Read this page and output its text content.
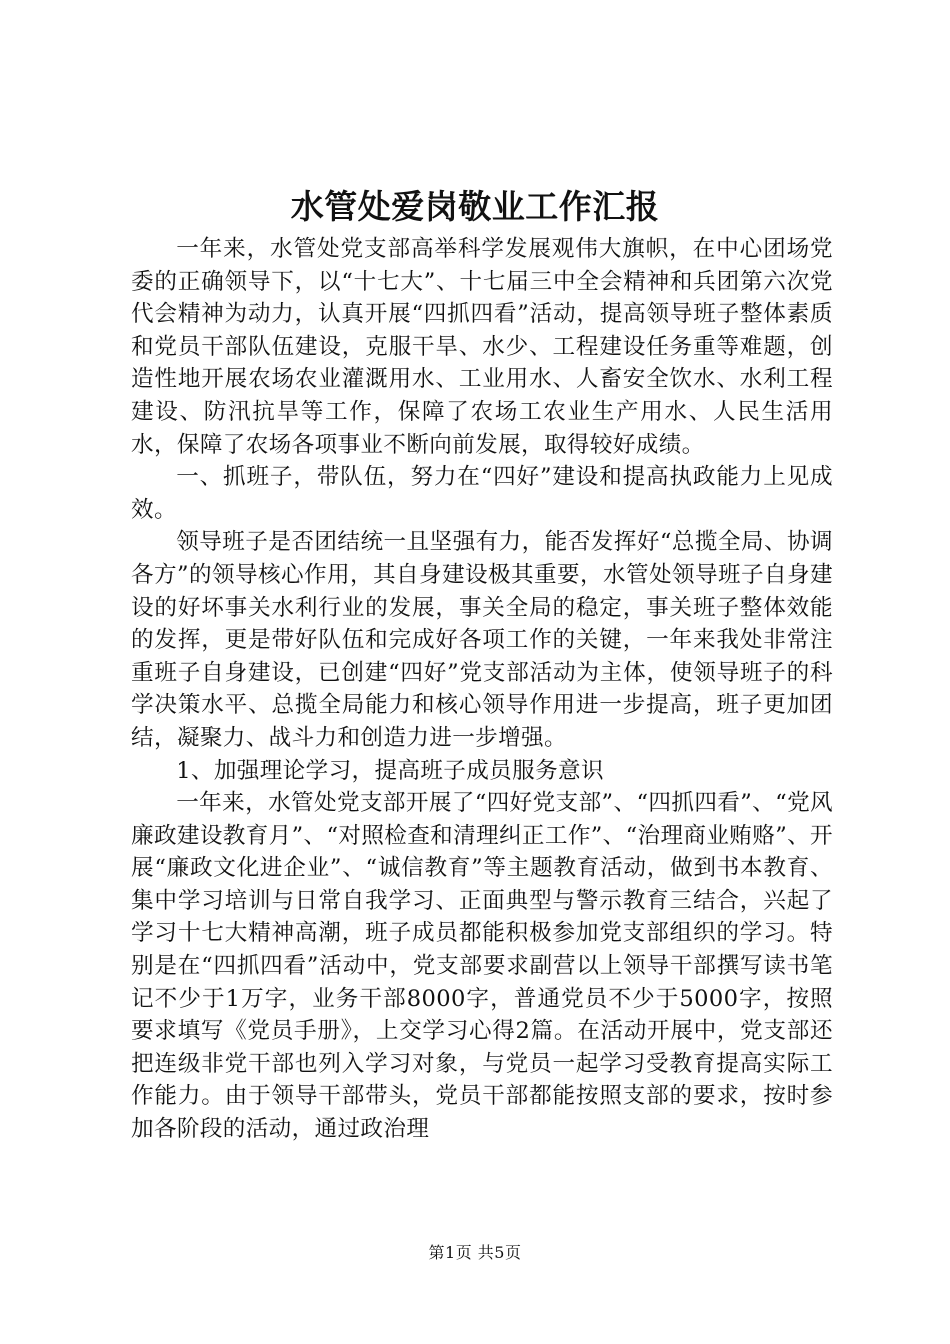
水管处爱岗敬业工作汇报

一年来，水管处党支部高举科学发展观伟大旗帜，在中心团场党委的正确领导下，以“十七大”、十七届三中全会精神和兵团第六次党代会精神为动力，认真开展“四抓四看”活动，提高领导班子整体素质和党员干部队伍建设，克服干旱、水少、工程建设任务重等难题，创造性地开展农场农业灌溉用水、工业用水、人畜安全饮水、水利工程建设、防汛抗旱等工作，保障了农场工农业生产用水、人民生活用水，保障了农场各项事业不断向前发展，取得较好成绩。

一、抓班子，带队伍，努力在“四好”建设和提高执政能力上见成效。

领导班子是否团结统一且坚强有力，能否发挥好“总揽全局、协调各方”的领导核心作用，其自身建设极其重要，水管处领导班子自身建设的好坏事关水利行业的发展，事关全局的稳定，事关班子整体效能的发挥，更是带好队伍和完成好各项工作的关键，一年来我处非常注重班子自身建设，已创建“四好”党支部活动为主体，使领导班子的科学决策水平、总揽全局能力和核心领导作用进一步提高，班子更加团结，凝聚力、战斗力和创造力进一步增强。

1、加强理论学习，提高班子成员服务意识

一年来，水管处党支部开展了“四好党支部”、“四抓四看”、“党风廉政建设教育月”、“对照检查和清理纠正工作”、“治理商业贿赂”、开展“廉政文化进企业”、“诚信教育”等主题教育活动，做到书本教育、集中学习培训与日常自我学习、正面典型与警示教育三结合，兴起了学习十七大精神高潮，班子成员都能积极参加党支部组织的学习。特别是在“四抓四看”活动中，党支部要求副营以上领导干部撰写读书笔记不少于1万字，业务干部8000字，普通党员不少于5000字，按照要求填写《党员手册》，上交学习心得2篇。在活动开展中，党支部还把连级非党干部也列入学习对象，与党员一起学习受教育提高实际工作能力。由于领导干部带头，党员干部都能按照支部的要求，按时参加各阶段的活动，通过政治理

第1页 共5页
